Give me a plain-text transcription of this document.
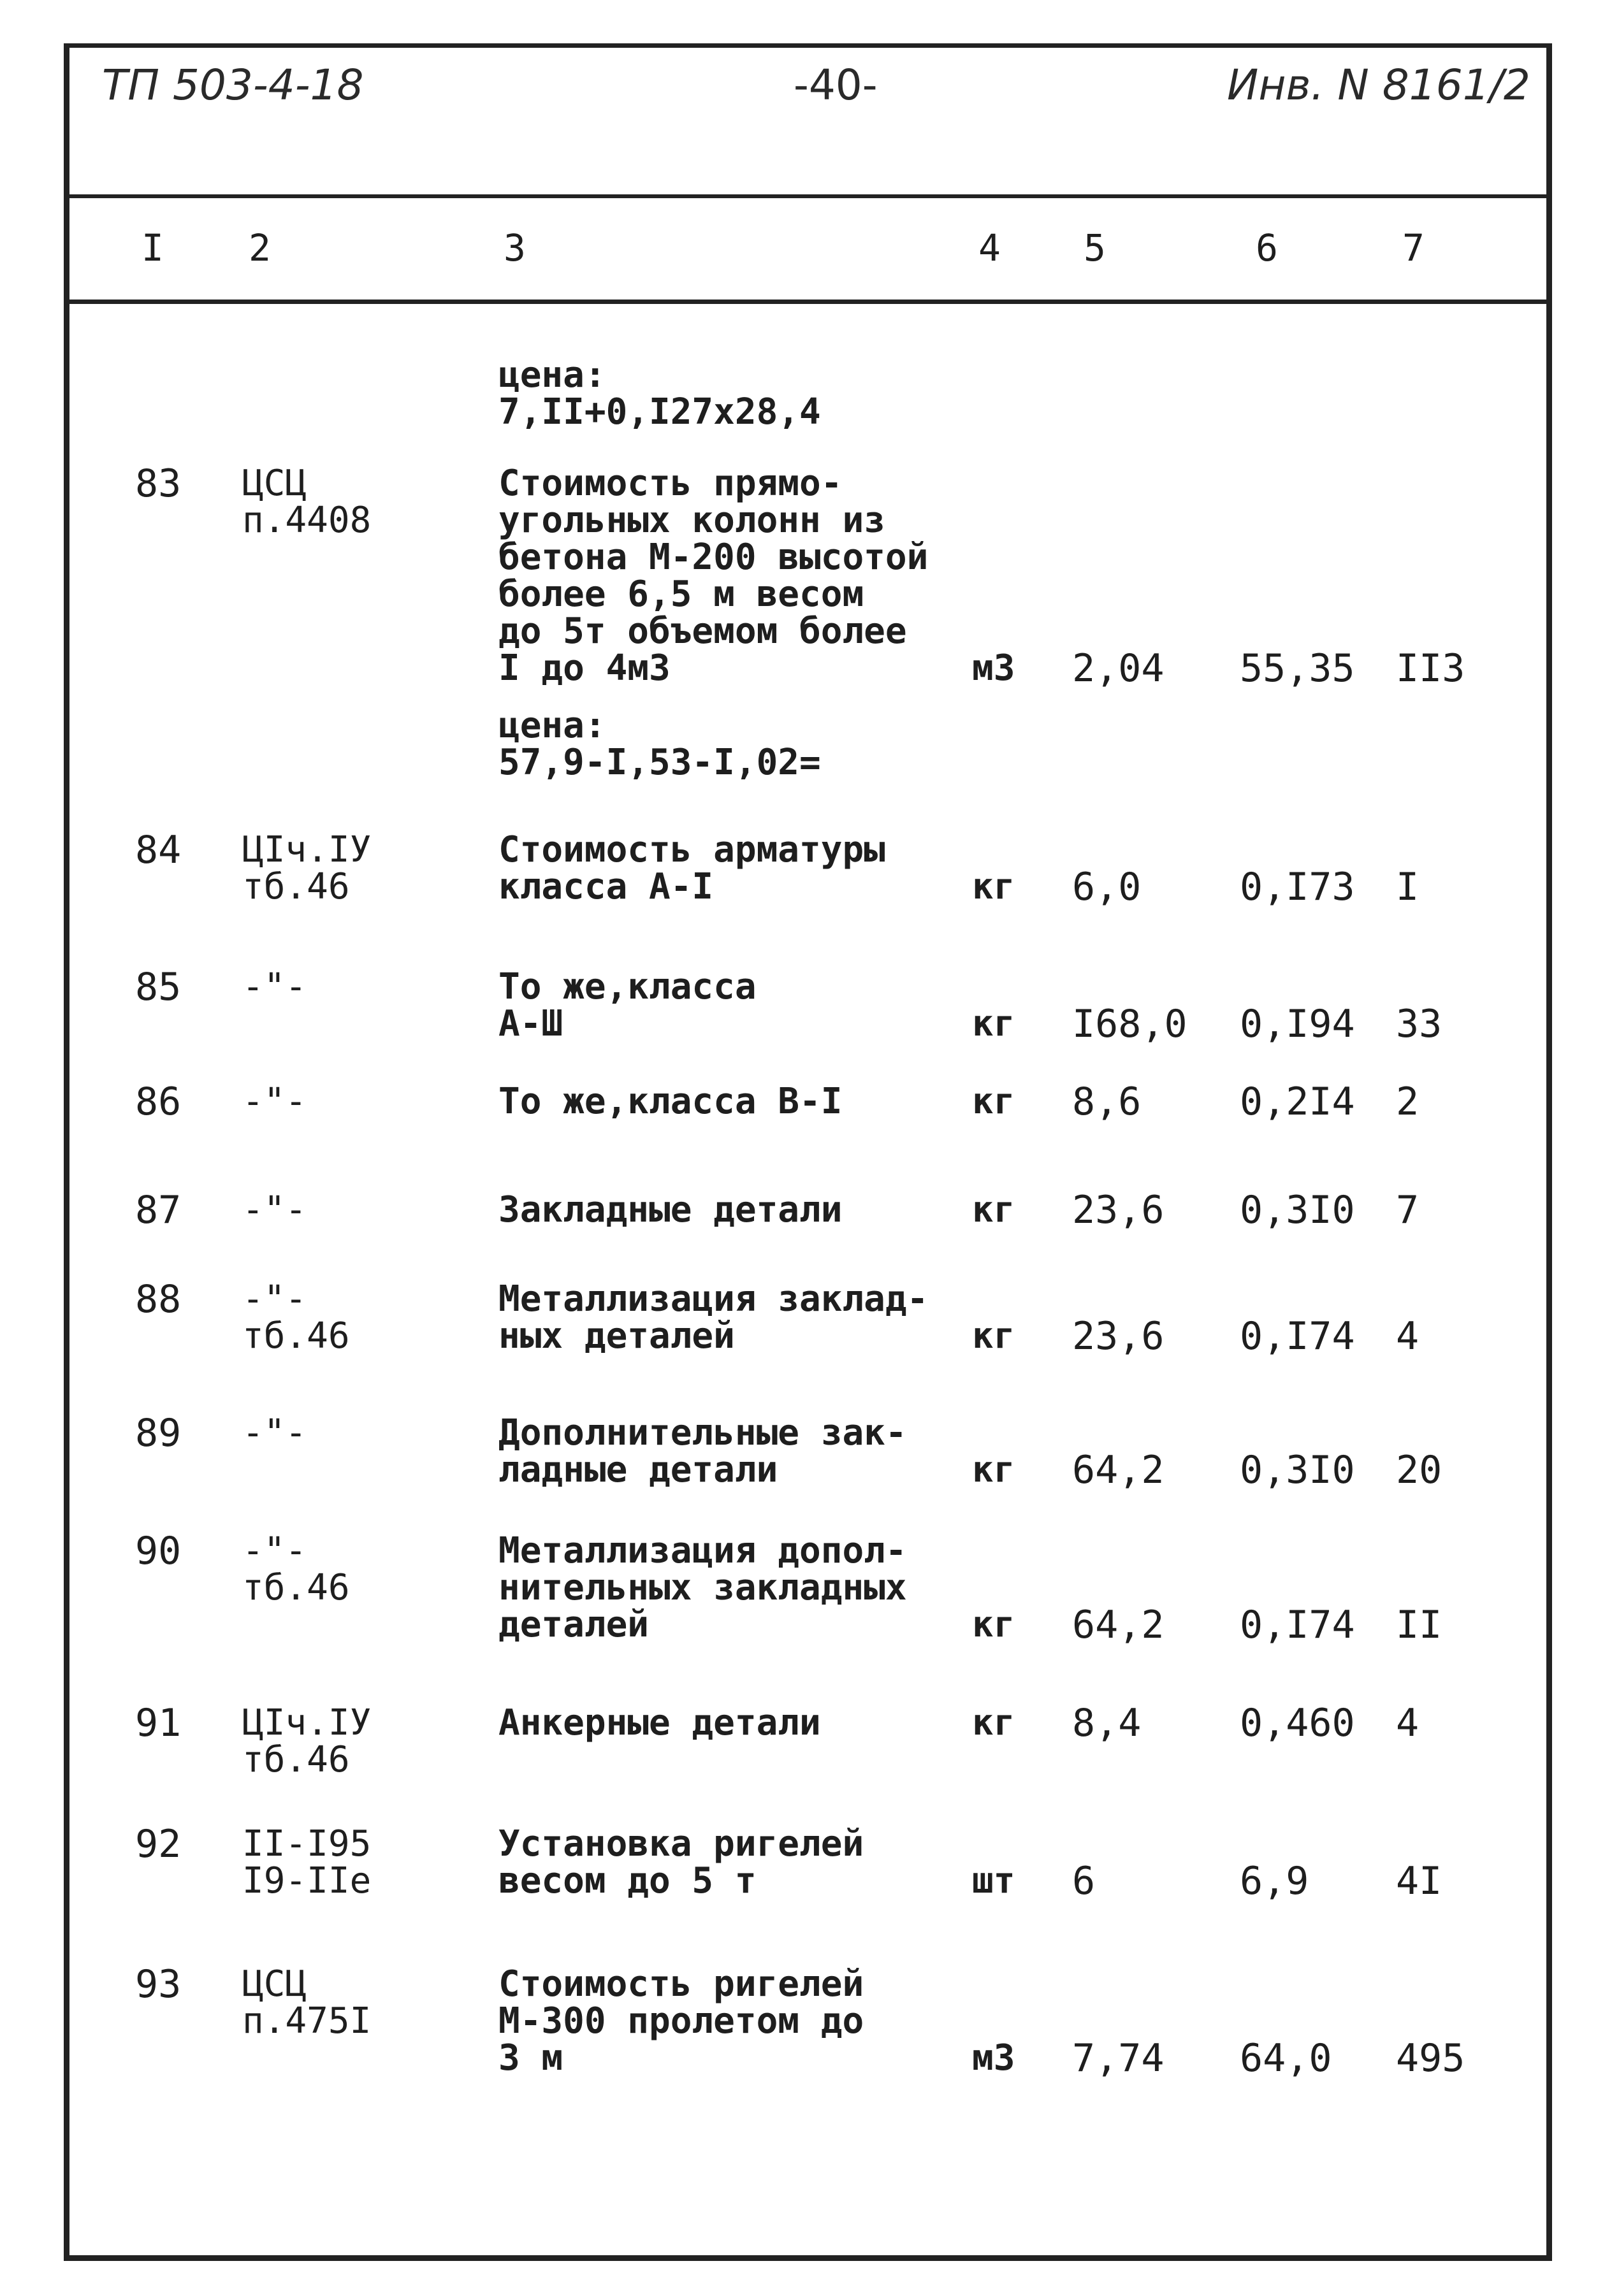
ТП 503-4-18	-40-	Инв. N 8161/2
I 2	3	4 5	6	7
цена:
7,II+0,I27x28,4
83 ЦСЦ
п.4408
Стоимость прямо-
угольных колонн из
бетона М-200 высотой
более 6,5 м весом
до 5т объемом более
I до 4м3	м3 2,04 55,35 II3
цена:
57,9-I,53-I,02=
84 ЦIч.IУ
тб.46
Стоимость арматуры
класса А-I	кг 6,0	0,I73 I
85 -"-	То же,класса
А-Ш	кг I68,0 0,I94 33
86 -"-	То же,класса В-I	кг 8,6	0,2I4 2
87 -"-	Закладные детали	кг 23,6 0,3I0 7
88 -"-
тб.46
Металлизация заклад-
ных деталей	кг 23,6 0,I74 4
89 -"-	Дополнительные зак-
ладные детали	кг 64,2 0,3I0 20
90 -"-
тб.46
Металлизация допол-
нительных закладных
деталей	кг 64,2 0,I74 II
91 ЦIч.IУ
тб.46
Анкерные детали	кг 8,4	0,460 4
92 II-I95
I9-IIе
Установка ригелей
весом до 5 т	шт 6	6,9 4I
93 ЦСЦ
п.475I
Стоимость ригелей
М-300 пролетом до
3 м	м3 7,74 64,0 495
